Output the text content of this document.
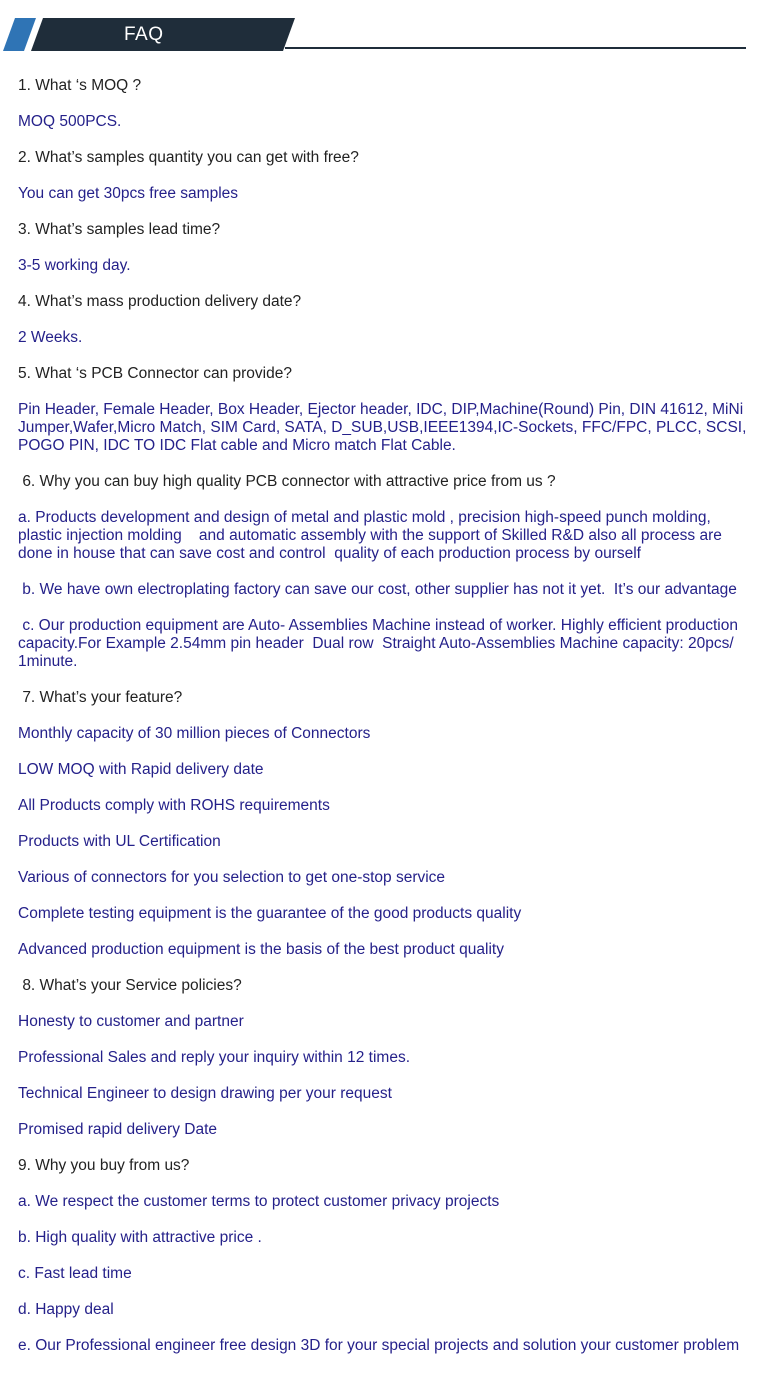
FAQ

1. What ‘s MOQ ?

MOQ 500PCS.

2. What’s samples quantity you can get with free?

You can get 30pcs free samples

3. What’s samples lead time?

3-5 working day.

4. What’s mass production delivery date?

2 Weeks.

5. What ‘s PCB Connector can provide?

Pin Header, Female Header, Box Header, Ejector header, IDC, DIP,Machine(Round) Pin, DIN 41612, MiNi Jumper,Wafer,Micro Match, SIM Card, SATA, D_SUB,USB,IEEE1394,IC-Sockets, FFC/FPC, PLCC, SCSI, POGO PIN, IDC TO IDC Flat cable and Micro match Flat Cable.

6. Why you can buy high quality PCB connector with attractive price from us ?

a. Products development and design of metal and plastic mold , precision high-speed punch molding, plastic injection molding    and automatic assembly with the support of Skilled R&D also all process are done in house that can save cost and control  quality of each production process by ourself

b. We have own electroplating factory can save our cost, other supplier has not it yet.  It’s our advantage

c. Our production equipment are Auto- Assemblies Machine instead of worker. Highly efficient production capacity.For Example 2.54mm pin header  Dual row  Straight Auto-Assemblies Machine capacity: 20pcs/ 1minute.

7. What’s your feature?

Monthly capacity of 30 million pieces of Connectors

LOW MOQ with Rapid delivery date

All Products comply with ROHS requirements

Products with UL Certification

Various of connectors for you selection to get one-stop service

Complete testing equipment is the guarantee of the good products quality

Advanced production equipment is the basis of the best product quality

8. What’s your Service policies?

Honesty to customer and partner

Professional Sales and reply your inquiry within 12 times.

Technical Engineer to design drawing per your request

Promised rapid delivery Date

9. Why you buy from us?

a. We respect the customer terms to protect customer privacy projects

b. High quality with attractive price .

c. Fast lead time

d. Happy deal

e. Our Professional engineer free design 3D for your special projects and solution your customer problem
